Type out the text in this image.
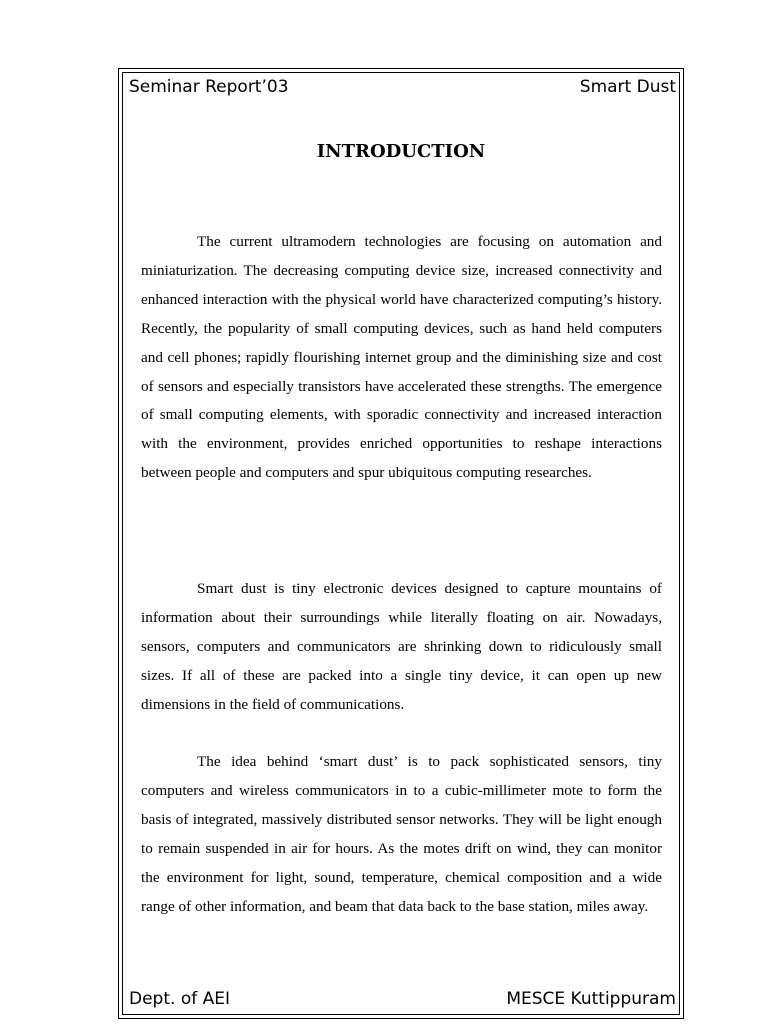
Seminar Report’03	Smart Dust
INTRODUCTION

The current ultramodern technologies are focusing on automation and miniaturization. The decreasing computing device size, increased connectivity and enhanced interaction with the physical world have characterized computing’s history. Recently, the popularity of small computing devices, such as hand held computers and cell phones; rapidly flourishing internet group and the diminishing size and cost of sensors and especially transistors have accelerated these strengths. The emergence of small computing elements, with sporadic connectivity and increased interaction with the environment, provides enriched opportunities to reshape interactions between people and computers and spur ubiquitous computing researches.

Smart dust is tiny electronic devices designed to capture mountains of information about their surroundings while literally floating on air. Nowadays, sensors, computers and communicators are shrinking down to ridiculously small sizes. If all of these are packed into a single tiny device, it can open up new dimensions in the field of communications.

The idea behind ‘smart dust’ is to pack sophisticated sensors, tiny computers and wireless communicators in to a cubic-millimeter mote to form the basis of integrated, massively distributed sensor networks. They will be light enough to remain suspended in air for hours. As the motes drift on wind, they can monitor the environment for light, sound, temperature, chemical composition and a wide range of other information, and beam that data back to the base station, miles away.

Dept. of AEI	MESCE Kuttippuram
